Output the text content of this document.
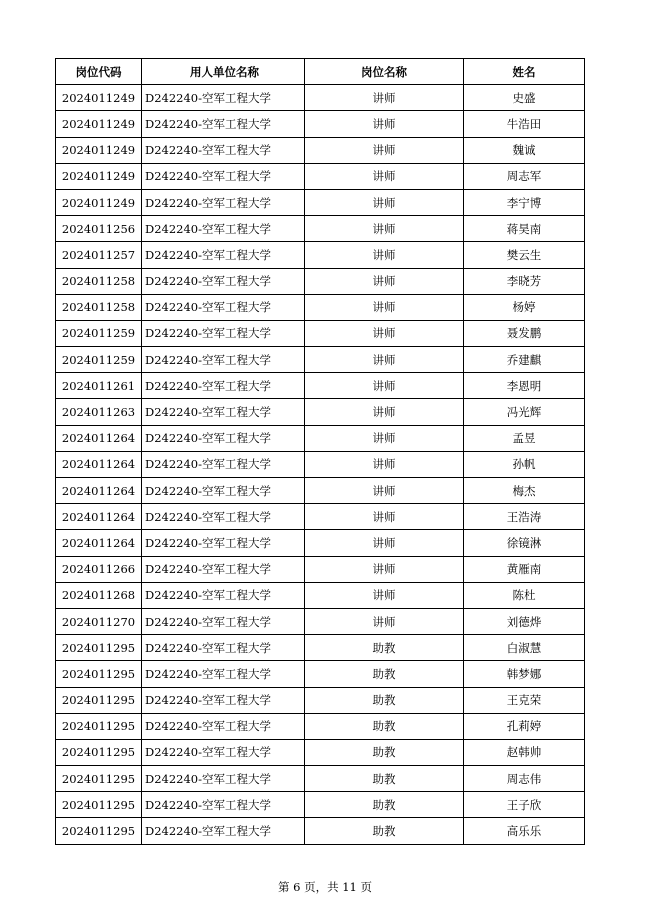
岗位代码	用人单位名称	岗位名称	姓名
2024011249	D242240-空军工程大学	讲师	史盛
2024011249	D242240-空军工程大学	讲师	牛浩田
2024011249	D242240-空军工程大学	讲师	魏诚
2024011249	D242240-空军工程大学	讲师	周志军
2024011249	D242240-空军工程大学	讲师	李宁博
2024011256	D242240-空军工程大学	讲师	蒋昊南
2024011257	D242240-空军工程大学	讲师	樊云生
2024011258	D242240-空军工程大学	讲师	李晓芳
2024011258	D242240-空军工程大学	讲师	杨婷
2024011259	D242240-空军工程大学	讲师	聂发鹏
2024011259	D242240-空军工程大学	讲师	乔建麒
2024011261	D242240-空军工程大学	讲师	李恩明
2024011263	D242240-空军工程大学	讲师	冯光辉
2024011264	D242240-空军工程大学	讲师	孟昱
2024011264	D242240-空军工程大学	讲师	孙帆
2024011264	D242240-空军工程大学	讲师	梅杰
2024011264	D242240-空军工程大学	讲师	王浩涛
2024011264	D242240-空军工程大学	讲师	徐镜淋
2024011266	D242240-空军工程大学	讲师	黄雁南
2024011268	D242240-空军工程大学	讲师	陈杜
2024011270	D242240-空军工程大学	讲师	刘德烨
2024011295	D242240-空军工程大学	助教	白淑慧
2024011295	D242240-空军工程大学	助教	韩梦娜
2024011295	D242240-空军工程大学	助教	王克荣
2024011295	D242240-空军工程大学	助教	孔莉婷
2024011295	D242240-空军工程大学	助教	赵韩帅
2024011295	D242240-空军工程大学	助教	周志伟
2024011295	D242240-空军工程大学	助教	王子欣
2024011295	D242240-空军工程大学	助教	高乐乐
第 6 页，共 11 页
